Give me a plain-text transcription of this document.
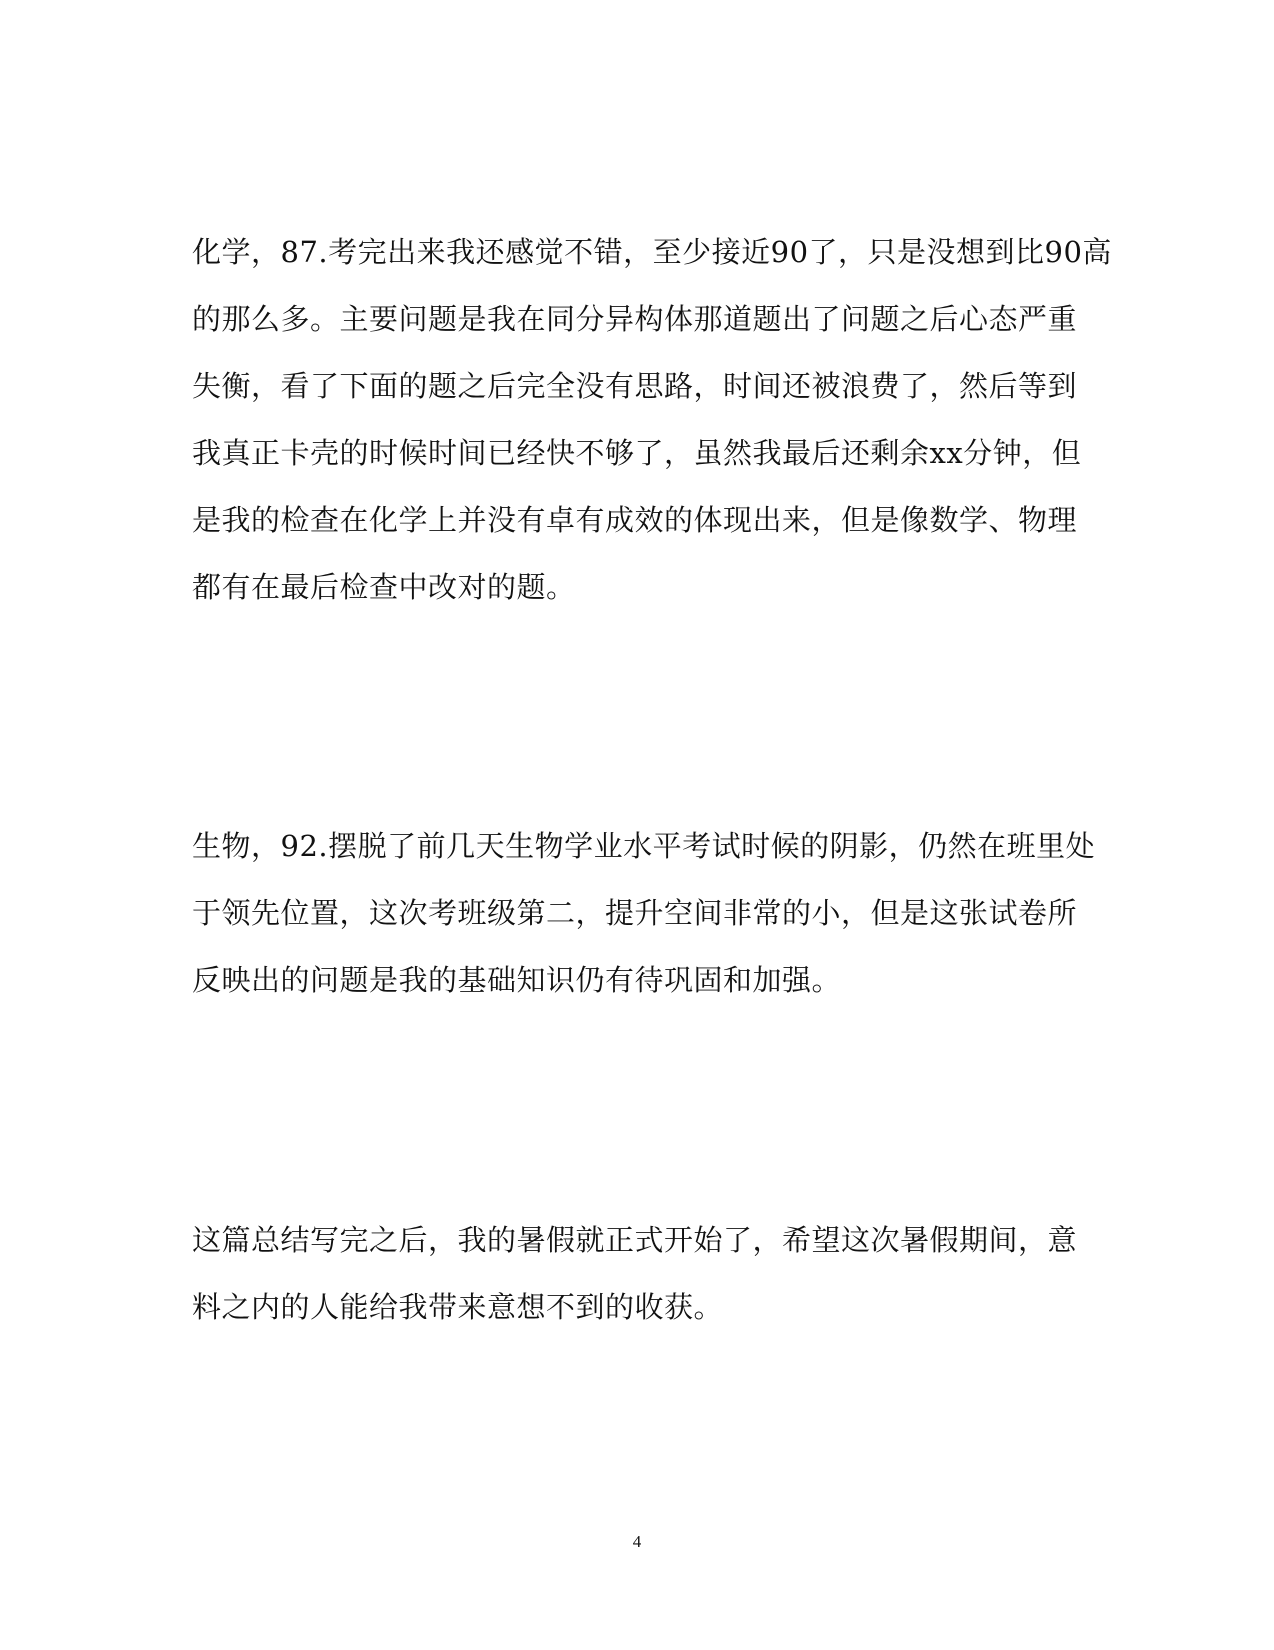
化学，87.考完出来我还感觉不错，至少接近90了，只是没想到比90高
的那么多。主要问题是我在同分异构体那道题出了问题之后心态严重
失衡，看了下面的题之后完全没有思路，时间还被浪费了，然后等到
我真正卡壳的时候时间已经快不够了，虽然我最后还剩余xx分钟，但
是我的检查在化学上并没有卓有成效的体现出来，但是像数学、物理
都有在最后检查中改对的题。

生物，92.摆脱了前几天生物学业水平考试时候的阴影，仍然在班里处
于领先位置，这次考班级第二，提升空间非常的小，但是这张试卷所
反映出的问题是我的基础知识仍有待巩固和加强。

这篇总结写完之后，我的暑假就正式开始了，希望这次暑假期间，意
料之内的人能给我带来意想不到的收获。

4
